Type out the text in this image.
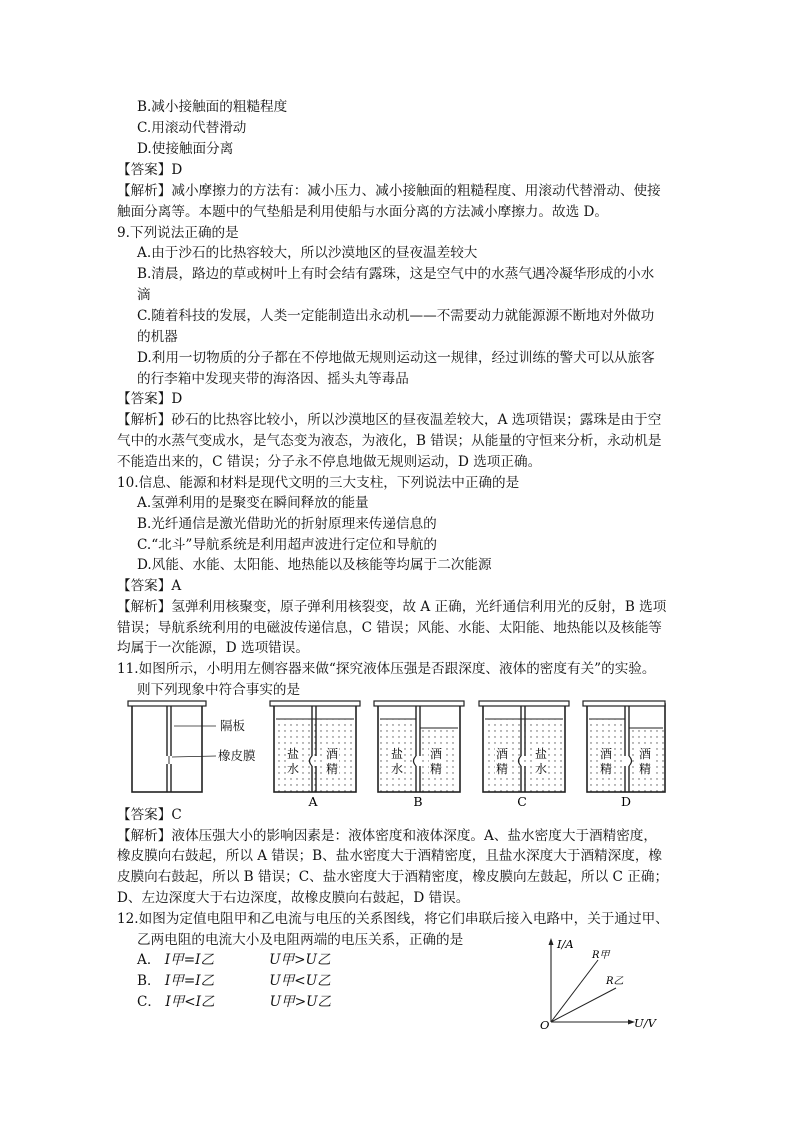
B.减小接触面的粗糙程度
C.用滚动代替滑动
D.使接触面分离
【答案】D
【解析】减小摩擦力的方法有：减小压力、减小接触面的粗糙程度、用滚动代替滑动、使接
触面分离等。本题中的气垫船是利用使船与水面分离的方法减小摩擦力。故选 D。
9.下列说法正确的是
A.由于沙石的比热容较大，所以沙漠地区的昼夜温差较大
B.清晨，路边的草或树叶上有时会结有露珠，这是空气中的水蒸气遇冷凝华形成的小水
滴
C.随着科技的发展，人类一定能制造出永动机——不需要动力就能源源不断地对外做功
的机器
D.利用一切物质的分子都在不停地做无规则运动这一规律，经过训练的警犬可以从旅客
的行李箱中发现夹带的海洛因、摇头丸等毒品
【答案】D
【解析】砂石的比热容比较小，所以沙漠地区的昼夜温差较大，A 选项错误；露珠是由于空
气中的水蒸气变成水，是气态变为液态，为液化，B 错误；从能量的守恒来分析，永动机是
不能造出来的，C 错误；分子永不停息地做无规则运动，D 选项正确。
10.信息、能源和材料是现代文明的三大支柱，下列说法中正确的是
A.氢弹利用的是聚变在瞬间释放的能量
B.光纤通信是激光借助光的折射原理来传递信息的
C.“北斗”导航系统是利用超声波进行定位和导航的
D.风能、水能、太阳能、地热能以及核能等均属于二次能源
【答案】A
【解析】氢弹利用核聚变，原子弹利用核裂变，故 A 正确，光纤通信利用光的反射，B 选项
错误；导航系统利用的电磁波传递信息，C 错误；风能、水能、太阳能、地热能以及核能等
均属于一次能源，D 选项错误。
11.如图所示，小明用左侧容器来做“探究液体压强是否跟深度、液体的密度有关”的实验。
则下列现象中符合事实的是
隔板
橡皮膜	盐
水
酒
精
A
盐
水
酒
精
B
酒
精
盐
水
C
酒
精
酒
精
D
【答案】C
【解析】液体压强大小的影响因素是：液体密度和液体深度。A、盐水密度大于酒精密度，
橡皮膜向右鼓起，所以 A 错误；B、盐水密度大于酒精密度，且盐水深度大于酒精深度，橡
皮膜向右鼓起，所以 B 错误；C、盐水密度大于酒精密度，橡皮膜向左鼓起，所以 C 正确；
D、左边深度大于右边深度，故橡皮膜向右鼓起，D 错误。
12.如图为定值电阻甲和乙电流与电压的关系图线，将它们串联后接入电路中，关于通过甲、
乙两电阻的电流大小及电阻两端的电压关系，正确的是
A． I甲=I乙	U甲>U乙
B． I甲=I乙	U甲<U乙
C． I甲<I乙	U甲>U乙
I/A
U/V
O
R甲
R乙
